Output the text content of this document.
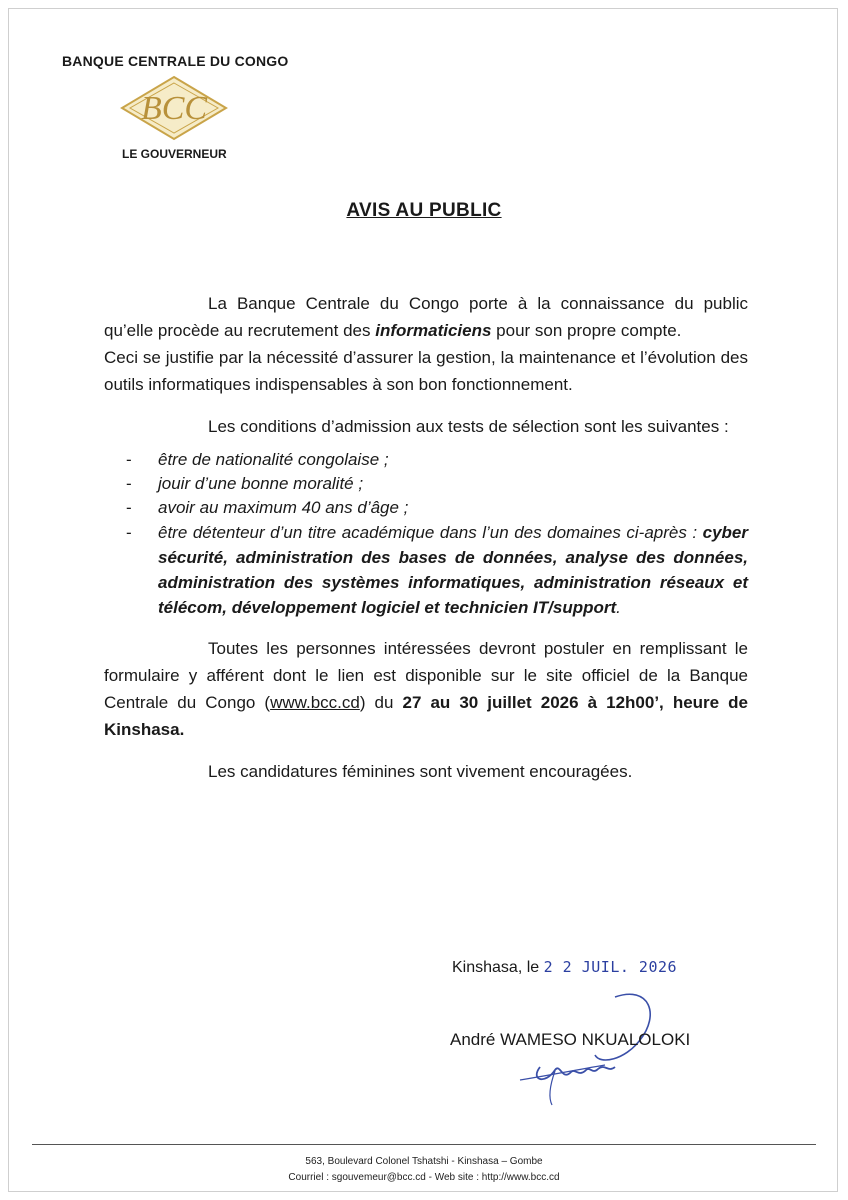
BANQUE CENTRALE DU CONGO
BCC
LE GOUVERNEUR
AVIS AU PUBLIC

La Banque Centrale du Congo porte à la connaissance du public qu’elle procède au recrutement des informaticiens pour son propre compte.

Ceci se justifie par la nécessité d’assurer la gestion, la maintenance et l’évolution des outils informatiques indispensables à son bon fonctionnement.

Les conditions d’admission aux tests de sélection sont les suivantes :

- être de nationalité congolaise ;
- jouir d’une bonne moralité ;
- avoir au maximum 40 ans d’âge ;
- être détenteur d’un titre académique dans l’un des domaines ci-après : cyber sécurité, administration des bases de données, analyse des données, administration des systèmes informatiques, administration réseaux et télécom, développement logiciel et technicien IT/support.

Toutes les personnes intéressées devront postuler en remplissant le formulaire y afférent dont le lien est disponible sur le site officiel de la Banque Centrale du Congo (www.bcc.cd) du 27 au 30 juillet 2026 à 12h00’, heure de Kinshasa.

Les candidatures féminines sont vivement encouragées.

Kinshasa, le 2 2 JUIL. 2026
André WAMESO NKUALOLOKI
563, Boulevard Colonel Tshatshi - Kinshasa – Gombe
Courriel : sgouvemeur@bcc.cd - Web site : http://www.bcc.cd
